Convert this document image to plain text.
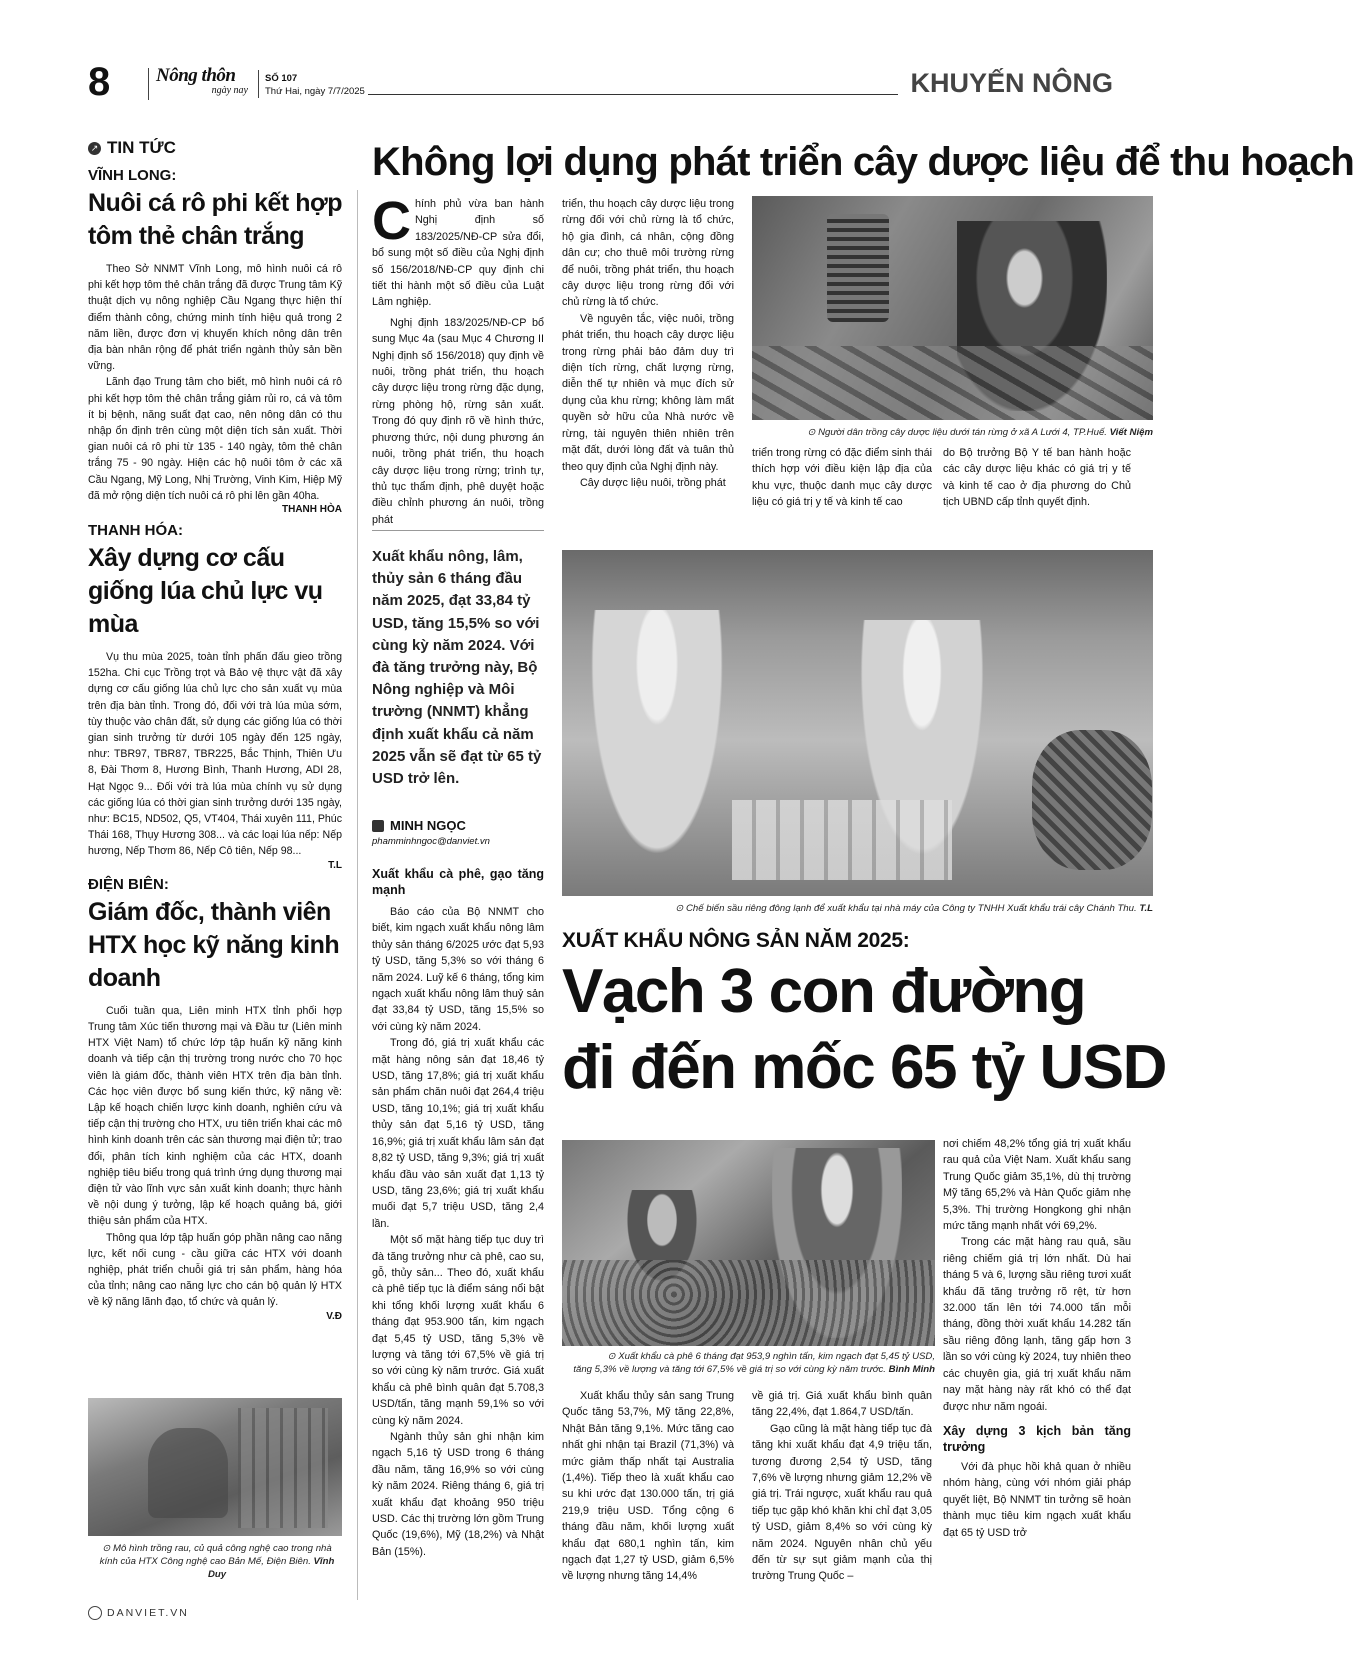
8 Nông thôn
ngày nay
SỐ 107
Thứ Hai, ngày 7/7/2025	KHUYẾN NÔNG
↗ TIN TỨC
VĨNH LONG:
Nuôi cá rô phi kết hợp tôm thẻ chân trắng

Theo Sở NNMT Vĩnh Long, mô hình nuôi cá rô phi kết hợp tôm thẻ chân trắng đã được Trung tâm Kỹ thuật dịch vụ nông nghiệp Cầu Ngang thực hiện thí điểm thành công, chứng minh tính hiệu quả trong 2 năm liền, được đơn vị khuyến khích nông dân trên địa bàn nhân rộng để phát triển ngành thủy sản bền vững.

Lãnh đạo Trung tâm cho biết, mô hình nuôi cá rô phi kết hợp tôm thẻ chân trắng giảm rủi ro, cá và tôm ít bị bệnh, năng suất đạt cao, nên nông dân có thu nhập ổn định trên cùng một diện tích sản xuất. Thời gian nuôi cá rô phi từ 135 - 140 ngày, tôm thẻ chân trắng 75 - 90 ngày. Hiện các hộ nuôi tôm ở các xã Cầu Ngang, Mỹ Long, Nhị Trường, Vinh Kim, Hiệp Mỹ đã mở rộng diện tích nuôi cá rô phi lên gần 40ha.

THANH HÒA
THANH HÓA:
Xây dựng cơ cấu giống lúa chủ lực vụ mùa

Vụ thu mùa 2025, toàn tỉnh phấn đấu gieo trồng 152ha. Chi cục Trồng trọt và Bảo vệ thực vật đã xây dựng cơ cấu giống lúa chủ lực cho sản xuất vụ mùa trên địa bàn tỉnh. Trong đó, đối với trà lúa mùa sớm, tùy thuộc vào chân đất, sử dụng các giống lúa có thời gian sinh trưởng từ dưới 105 ngày đến 125 ngày, như: TBR97, TBR87, TBR225, Bắc Thịnh, Thiên Ưu 8, Đài Thơm 8, Hương Bình, Thanh Hương, ADI 28, Hạt Ngọc 9... Đối với trà lúa mùa chính vụ sử dụng các giống lúa có thời gian sinh trưởng dưới 135 ngày, như: BC15, ND502, Q5, VT404, Thái xuyên 111, Phúc Thái 168, Thụy Hương 308... và các loại lúa nếp: Nếp hương, Nếp Thơm 86, Nếp Cô tiên, Nếp 98...

T.L
ĐIỆN BIÊN:
Giám đốc, thành viên HTX học kỹ năng kinh doanh

Cuối tuần qua, Liên minh HTX tỉnh phối hợp Trung tâm Xúc tiến thương mại và Đầu tư (Liên minh HTX Việt Nam) tổ chức lớp tập huấn kỹ năng kinh doanh và tiếp cận thị trường trong nước cho 70 học viên là giám đốc, thành viên HTX trên địa bàn tỉnh. Các học viên được bổ sung kiến thức, kỹ năng về: Lập kế hoạch chiến lược kinh doanh, nghiên cứu và tiếp cận thị trường cho HTX, ưu tiên triển khai các mô hình kinh doanh trên các sàn thương mại điện tử; trao đổi, phân tích kinh nghiệm của các HTX, doanh nghiệp tiêu biểu trong quá trình ứng dụng thương mại điện tử vào lĩnh vực sản xuất kinh doanh; thực hành về nội dung ý tưởng, lập kế hoạch quảng bá, giới thiệu sản phẩm của HTX.

Thông qua lớp tập huấn góp phần nâng cao năng lực, kết nối cung - cầu giữa các HTX với doanh nghiệp, phát triển chuỗi giá trị sản phẩm, hàng hóa của tỉnh; nâng cao năng lực cho cán bộ quản lý HTX về kỹ năng lãnh đạo, tổ chức và quản lý.

V.Đ
⊙ Mô hình trồng rau, củ quả công nghệ cao trong nhà kính của HTX Công nghệ cao Bản Mế, Điện Biên. Vĩnh Duy
DANVIET.VN
Không lợi dụng phát triển cây dược liệu để thu hoạch

Chính phủ vừa ban hành Nghị định số 183/2025/NĐ-CP sửa đổi, bổ sung một số điều của Nghị định số 156/2018/NĐ-CP quy định chi tiết thi hành một số điều của Luật Lâm nghiệp.

Nghị định 183/2025/NĐ-CP bổ sung Mục 4a (sau Mục 4 Chương II Nghị định số 156/2018) quy định về nuôi, trồng phát triển, thu hoạch cây dược liệu trong rừng đặc dụng, rừng phòng hộ, rừng sản xuất. Trong đó quy định rõ về hình thức, phương thức, nội dung phương án nuôi, trồng phát triển, thu hoạch cây dược liệu trong rừng; trình tự, thủ tục thẩm định, phê duyệt hoặc điều chỉnh phương án nuôi, trồng phát

triển, thu hoạch cây dược liệu trong rừng đối với chủ rừng là tổ chức, hộ gia đình, cá nhân, cộng đồng dân cư; cho thuê môi trường rừng để nuôi, trồng phát triển, thu hoạch cây dược liệu trong rừng đối với chủ rừng là tổ chức.

Về nguyên tắc, việc nuôi, trồng phát triển, thu hoạch cây dược liệu trong rừng phải bảo đảm duy trì diện tích rừng, chất lượng rừng, diễn thế tự nhiên và mục đích sử dụng của khu rừng; không làm mất quyền sở hữu của Nhà nước về rừng, tài nguyên thiên nhiên trên mặt đất, dưới lòng đất và tuân thủ theo quy định của Nghị định này.

Cây dược liệu nuôi, trồng phát

⊙ Người dân trồng cây dược liệu dưới tán rừng ở xã A Lưới 4, TP.Huế. Viết Niệm

triển trong rừng có đặc điểm sinh thái thích hợp với điều kiện lập địa của khu vực, thuộc danh mục cây dược liệu có giá trị y tế và kinh tế cao

do Bộ trưởng Bộ Y tế ban hành hoặc các cây dược liệu khác có giá trị y tế và kinh tế cao ở địa phương do Chủ tịch UBND cấp tỉnh quyết định.

Xuất khẩu nông, lâm, thủy sản 6 tháng đầu năm 2025, đạt 33,84 tỷ USD, tăng 15,5% so với cùng kỳ năm 2024. Với đà tăng trưởng này, Bộ Nông nghiệp và Môi trường (NNMT) khẳng định xuất khẩu cả năm 2025 vẫn sẽ đạt từ 65 tỷ USD trở lên.
MINH NGỌC
phamminhngoc@danviet.vn
⊙ Chế biến sầu riêng đông lạnh để xuất khẩu tại nhà máy của Công ty TNHH Xuất khẩu trái cây Chánh Thu. T.L
XUẤT KHẨU NÔNG SẢN NĂM 2025:
Vạch 3 con đường
đi đến mốc 65 tỷ USD
Xuất khẩu cà phê, gạo tăng mạnh

Báo cáo của Bộ NNMT cho biết, kim ngạch xuất khẩu nông lâm thủy sản tháng 6/2025 ước đạt 5,93 tỷ USD, tăng 5,3% so với tháng 6 năm 2024. Luỹ kế 6 tháng, tổng kim ngạch xuất khẩu nông lâm thuỷ sản đạt 33,84 tỷ USD, tăng 15,5% so với cùng kỳ năm 2024.

Trong đó, giá trị xuất khẩu các mặt hàng nông sản đạt 18,46 tỷ USD, tăng 17,8%; giá trị xuất khẩu sản phẩm chăn nuôi đạt 264,4 triệu USD, tăng 10,1%; giá trị xuất khẩu thủy sản đạt 5,16 tỷ USD, tăng 16,9%; giá trị xuất khẩu lâm sản đạt 8,82 tỷ USD, tăng 9,3%; giá trị xuất khẩu đầu vào sản xuất đạt 1,13 tỷ USD, tăng 23,6%; giá trị xuất khẩu muối đạt 5,7 triệu USD, tăng 2,4 lần.

Một số mặt hàng tiếp tục duy trì đà tăng trưởng như cà phê, cao su, gỗ, thủy sản... Theo đó, xuất khẩu cà phê tiếp tục là điểm sáng nổi bật khi tổng khối lượng xuất khẩu 6 tháng đạt 953.900 tấn, kim ngạch đạt 5,45 tỷ USD, tăng 5,3% về lượng và tăng tới 67,5% về giá trị so với cùng kỳ năm trước. Giá xuất khẩu cà phê bình quân đạt 5.708,3 USD/tấn, tăng mạnh 59,1% so với cùng kỳ năm 2024.

Ngành thủy sản ghi nhận kim ngạch 5,16 tỷ USD trong 6 tháng đầu năm, tăng 16,9% so với cùng kỳ năm 2024. Riêng tháng 6, giá trị xuất khẩu đạt khoảng 950 triệu USD. Các thị trường lớn gồm Trung Quốc (19,6%), Mỹ (18,2%) và Nhật Bản (15%).

⊙ Xuất khẩu cà phê 6 tháng đạt 953,9 nghìn tấn, kim ngạch đạt 5,45 tỷ USD,
tăng 5,3% về lượng và tăng tới 67,5% về giá trị so với cùng kỳ năm trước. Bình Minh

Xuất khẩu thủy sản sang Trung Quốc tăng 53,7%, Mỹ tăng 22,8%, Nhật Bản tăng 9,1%. Mức tăng cao nhất ghi nhận tại Brazil (71,3%) và mức giảm thấp nhất tại Australia (1,4%). Tiếp theo là xuất khẩu cao su khi ước đạt 130.000 tấn, trị giá 219,9 triệu USD. Tổng cộng 6 tháng đầu năm, khối lượng xuất khẩu đạt 680,1 nghìn tấn, kim ngạch đạt 1,27 tỷ USD, giảm 6,5% về lượng nhưng tăng 14,4%

về giá trị. Giá xuất khẩu bình quân tăng 22,4%, đạt 1.864,7 USD/tấn.

Gạo cũng là mặt hàng tiếp tục đà tăng khi xuất khẩu đạt 4,9 triệu tấn, tương đương 2,54 tỷ USD, tăng 7,6% về lượng nhưng giảm 12,2% về giá trị. Trái ngược, xuất khẩu rau quả tiếp tục gặp khó khăn khi chỉ đạt 3,05 tỷ USD, giảm 8,4% so với cùng kỳ năm 2024. Nguyên nhân chủ yếu đến từ sự sụt giảm mạnh của thị trường Trung Quốc –

nơi chiếm 48,2% tổng giá trị xuất khẩu rau quả của Việt Nam. Xuất khẩu sang Trung Quốc giảm 35,1%, dù thị trường Mỹ tăng 65,2% và Hàn Quốc giảm nhẹ 5,3%. Thị trường Hongkong ghi nhận mức tăng mạnh nhất với 69,2%.

Trong các mặt hàng rau quả, sầu riêng chiếm giá trị lớn nhất. Dù hai tháng 5 và 6, lượng sầu riêng tươi xuất khẩu đã tăng trưởng rõ rệt, từ hơn 32.000 tấn lên tới 74.000 tấn mỗi tháng, đồng thời xuất khẩu 14.282 tấn sầu riêng đông lạnh, tăng gấp hơn 3 lần so với cùng kỳ 2024, tuy nhiên theo các chuyên gia, giá trị xuất khẩu năm nay mặt hàng này rất khó có thể đạt được như năm ngoái.

Xây dựng 3 kịch bản tăng trưởng

Với đà phục hồi khả quan ở nhiều nhóm hàng, cùng với nhóm giải pháp quyết liệt, Bộ NNMT tin tưởng sẽ hoàn thành mục tiêu kim ngạch xuất khẩu đạt 65 tỷ USD trở
